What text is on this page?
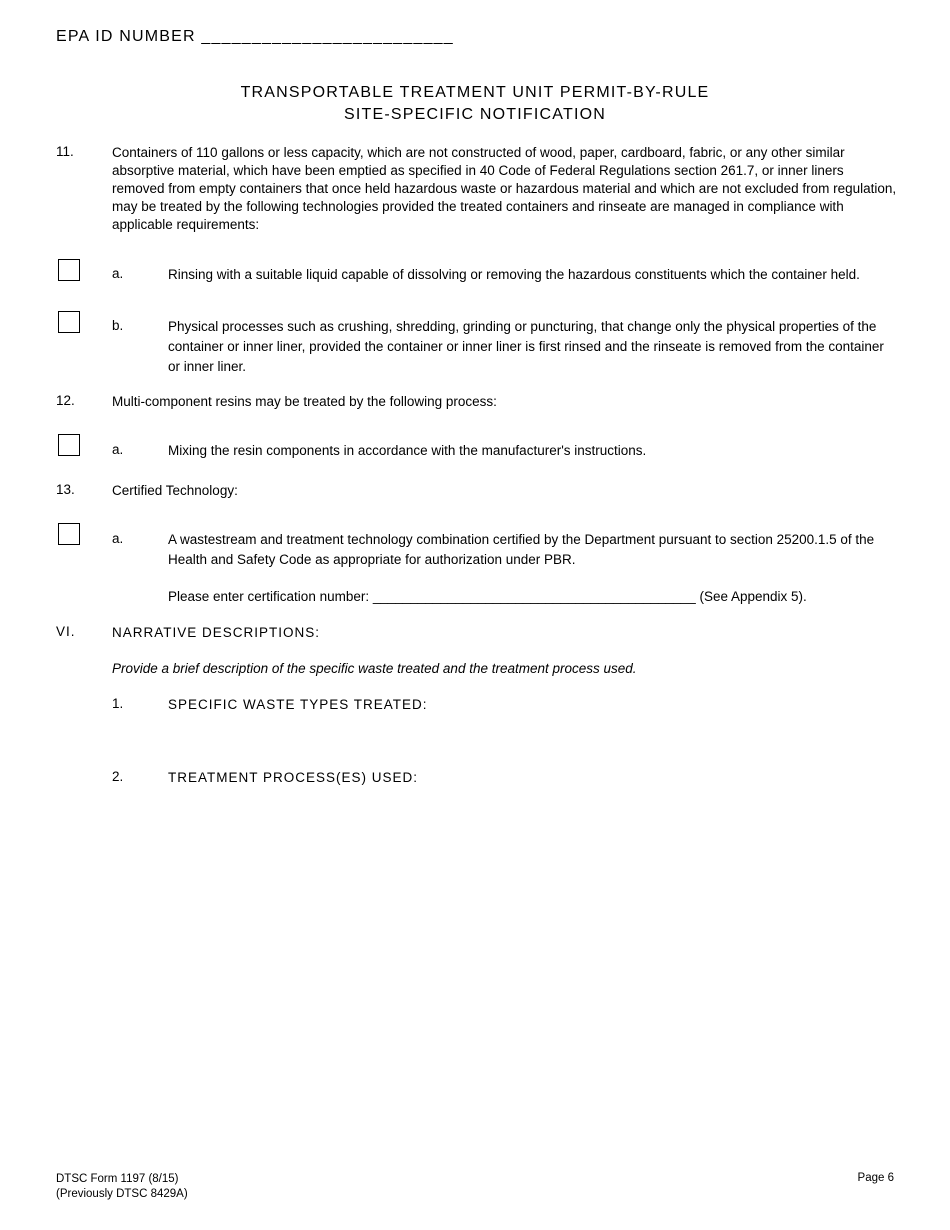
EPA ID NUMBER _________________________
TRANSPORTABLE TREATMENT UNIT PERMIT-BY-RULE
SITE-SPECIFIC NOTIFICATION
11.	Containers of 110 gallons or less capacity, which are not constructed of wood, paper, cardboard, fabric, or any other similar absorptive material, which have been emptied as specified in 40 Code of Federal Regulations section 261.7, or inner liners removed from empty containers that once held hazardous waste or hazardous material and which are not excluded from regulation, may be treated by the following technologies provided the treated containers and rinseate are managed in compliance with applicable requirements:
a.	Rinsing with a suitable liquid capable of dissolving or removing the hazardous constituents which the container held.
b.	Physical processes such as crushing, shredding, grinding or puncturing, that change only the physical properties of the container or inner liner, provided the container or inner liner is first rinsed and the rinseate is removed from the container or inner liner.
12.	Multi-component resins may be treated by the following process:
a.	Mixing the resin components in accordance with the manufacturer's instructions.
13.	Certified Technology:
a.	A wastestream and treatment technology combination certified by the Department pursuant to section 25200.1.5 of the Health and Safety Code as appropriate for authorization under PBR.
Please enter certification number: ___________________________________________ (See Appendix 5).
VI.	NARRATIVE DESCRIPTIONS:
Provide a brief description of the specific waste treated and the treatment process used.
1.	SPECIFIC WASTE TYPES TREATED:
2.	TREATMENT PROCESS(ES) USED:
DTSC Form 1197 (8/15)
(Previously DTSC 8429A)
Page 6
